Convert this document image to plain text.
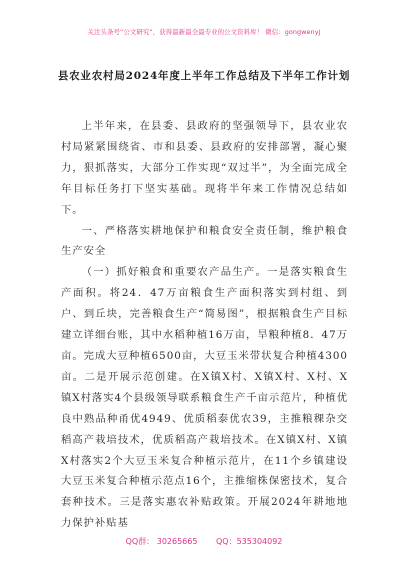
关注头条号“公文研究”，获得最新最全最专业的公文资料库！ 微信：gongwenyj
县农业农村局2024年度上半年工作总结及下半年工作计划

上半年来，在县委、县政府的坚强领导下，县农业农村局紧紧围绕省、市和县委、县政府的安排部署，凝心聚力，狠抓落实，大部分工作实现“双过半”，为全面完成全年目标任务打下坚实基础。现将半年来工作情况总结如下。

一、严格落实耕地保护和粮食安全责任制，维护粮食生产安全

（一）抓好粮食和重要农产品生产。一是落实粮食生产面积。将24．47万亩粮食生产面积落实到村组、到户、到丘块，完善粮食生产“简易图”，根据粮食生产目标建立详细台账，其中水稻种植16万亩，旱粮种植8．47万亩。完成大豆种植6500亩，大豆玉米带状复合种植4300亩。二是开展示范创建。在X镇X村、X镇X村、X村、X镇X村落实4个县级领导联系粮食生产千亩示范片，种植优良中熟品种甬优4949、优质稻泰优农39，主推粮稞杂交稻高产栽培技术，优质稻高产栽培技术。在X镇X村、X镇X村落实2个大豆玉米复合种植示范片，在11个乡镇建设大豆玉米复合种植示范点16个，主推缩株保密技术，复合套种技术。三是落实惠农补贴政策。开展2024年耕地地力保护补贴基

QQ群： 30265665 QQ：535304092
